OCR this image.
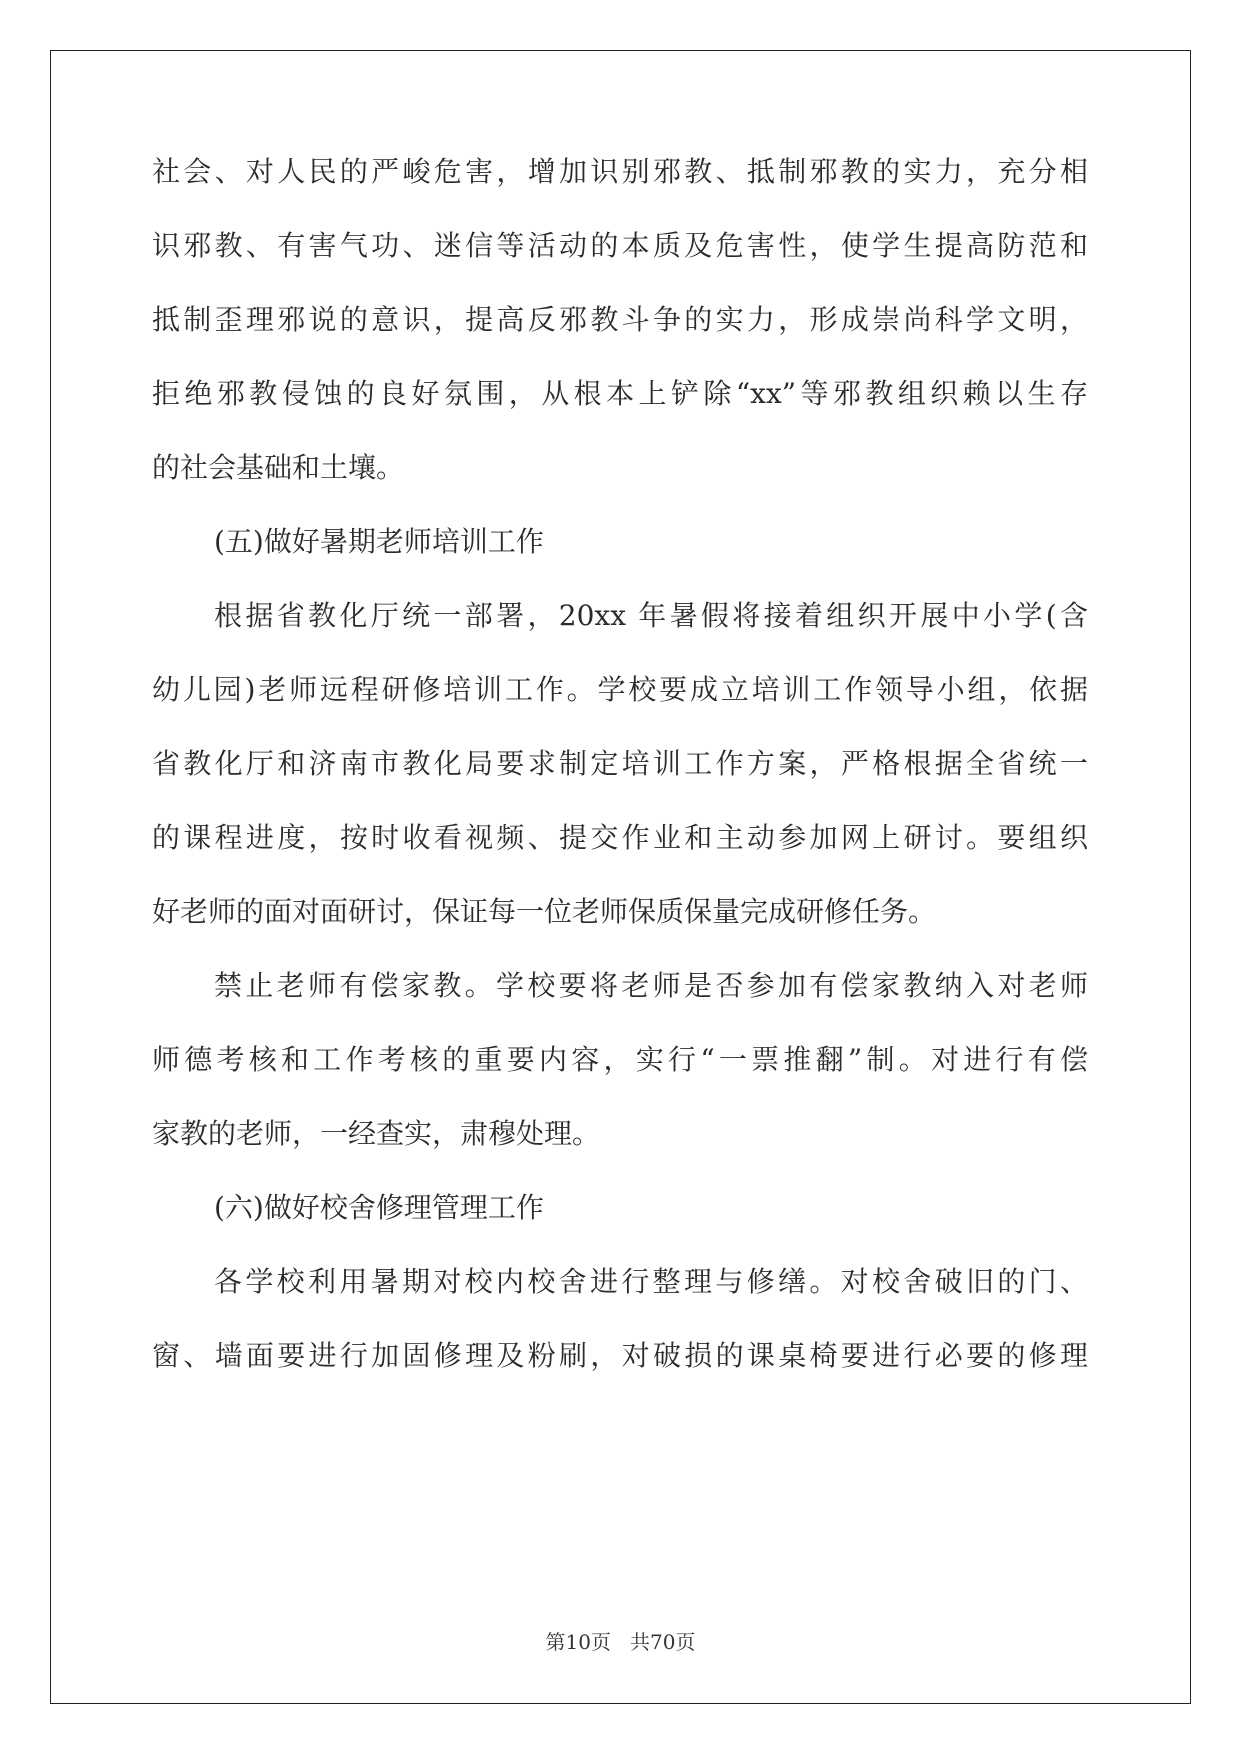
社会、对人民的严峻危害，增加识别邪教、抵制邪教的实力，充分相
识邪教、有害气功、迷信等活动的本质及危害性，使学生提高防范和
抵制歪理邪说的意识，提高反邪教斗争的实力，形成崇尚科学文明，
拒绝邪教侵蚀的良好氛围，从根本上铲除“xx”等邪教组织赖以生存
的社会基础和土壤。
(五)做好暑期老师培训工作
根据省教化厅统一部署，20xx 年暑假将接着组织开展中小学(含
幼儿园)老师远程研修培训工作。学校要成立培训工作领导小组，依据
省教化厅和济南市教化局要求制定培训工作方案，严格根据全省统一
的课程进度，按时收看视频、提交作业和主动参加网上研讨。要组织
好老师的面对面研讨，保证每一位老师保质保量完成研修任务。
禁止老师有偿家教。学校要将老师是否参加有偿家教纳入对老师
师德考核和工作考核的重要内容，实行“一票推翻”制。对进行有偿
家教的老师，一经查实，肃穆处理。
(六)做好校舍修理管理工作
各学校利用暑期对校内校舍进行整理与修缮。对校舍破旧的门、
窗、墙面要进行加固修理及粉刷，对破损的课桌椅要进行必要的修理
第10页   共70页
